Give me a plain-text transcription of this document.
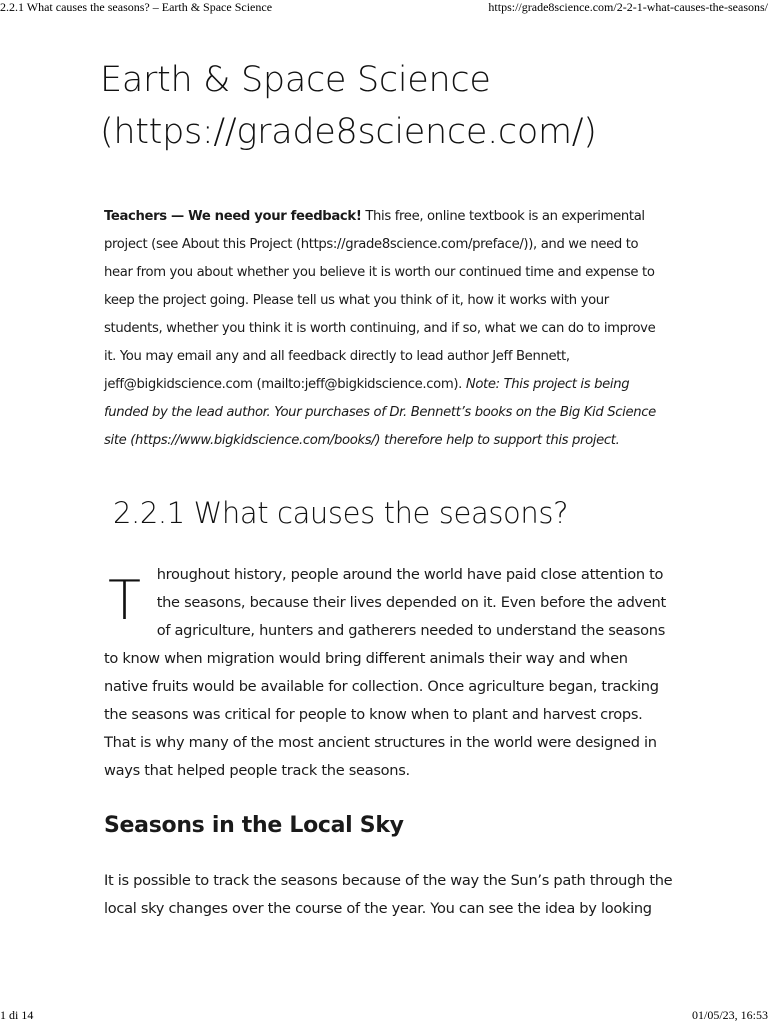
2.2.1 What causes the seasons? – Earth & Space Science	https://grade8science.com/2-2-1-what-causes-the-seasons/
Earth & Space Science (https://grade8science.com/)
Teachers — We need your feedback! This free, online textbook is an experimental project (see About this Project (https://grade8science.com/preface/)), and we need to hear from you about whether you believe it is worth our continued time and expense to keep the project going. Please tell us what you think of it, how it works with your students, whether you think it is worth continuing, and if so, what we can do to improve it. You may email any and all feedback directly to lead author Jeff Bennett, jeff@bigkidscience.com (mailto:jeff@bigkidscience.com). Note: This project is being funded by the lead author. Your purchases of Dr. Bennett’s books on the Big Kid Science site (https://www.bigkidscience.com/books/) therefore help to support this project.
2.2.1 What causes the seasons?
T hroughout history, people around the world have paid close attention to the seasons, because their lives depended on it. Even before the advent of agriculture, hunters and gatherers needed to understand the seasons to know when migration would bring different animals their way and when native fruits would be available for collection. Once agriculture began, tracking the seasons was critical for people to know when to plant and harvest crops. That is why many of the most ancient structures in the world were designed in ways that helped people track the seasons.
Seasons in the Local Sky
It is possible to track the seasons because of the way the Sun’s path through the local sky changes over the course of the year. You can see the idea by looking
1 di 14	01/05/23, 16:53
